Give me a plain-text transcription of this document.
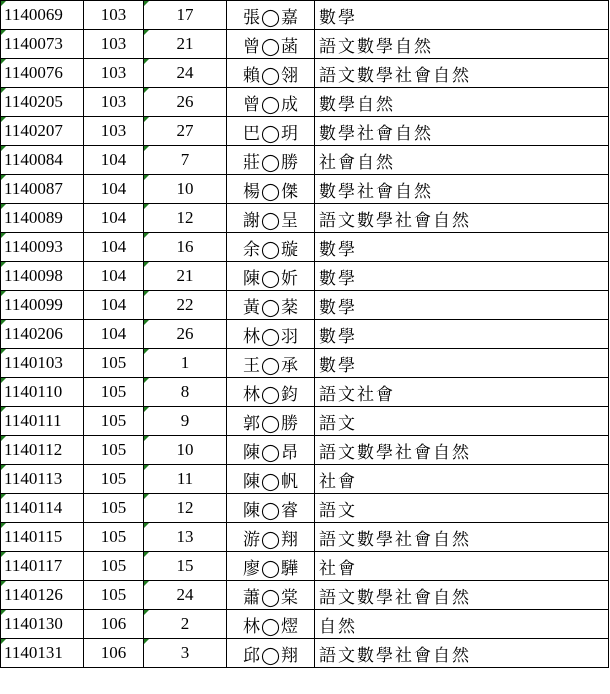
1140069	103	17	張◯嘉	數學
1140073	103	21	曾◯菡	語文數學自然
1140076	103	24	賴◯翎	語文數學社會自然
1140205	103	26	曾◯成	數學自然
1140207	103	27	巴◯玥	數學社會自然
1140084	104	7	莊◯勝	社會自然
1140087	104	10	楊◯傑	數學社會自然
1140089	104	12	謝◯呈	語文數學社會自然
1140093	104	16	余◯璇	數學
1140098	104	21	陳◯妡	數學
1140099	104	22	黃◯棻	數學
1140206	104	26	林◯羽	數學
1140103	105	1	王◯承	數學
1140110	105	8	林◯鈞	語文社會
1140111	105	9	郭◯勝	語文
1140112	105	10	陳◯昂	語文數學社會自然
1140113	105	11	陳◯帆	社會
1140114	105	12	陳◯睿	語文
1140115	105	13	游◯翔	語文數學社會自然
1140117	105	15	廖◯驊	社會
1140126	105	24	蕭◯棠	語文數學社會自然
1140130	106	2	林◯熤	自然
1140131	106	3	邱◯翔	語文數學社會自然
